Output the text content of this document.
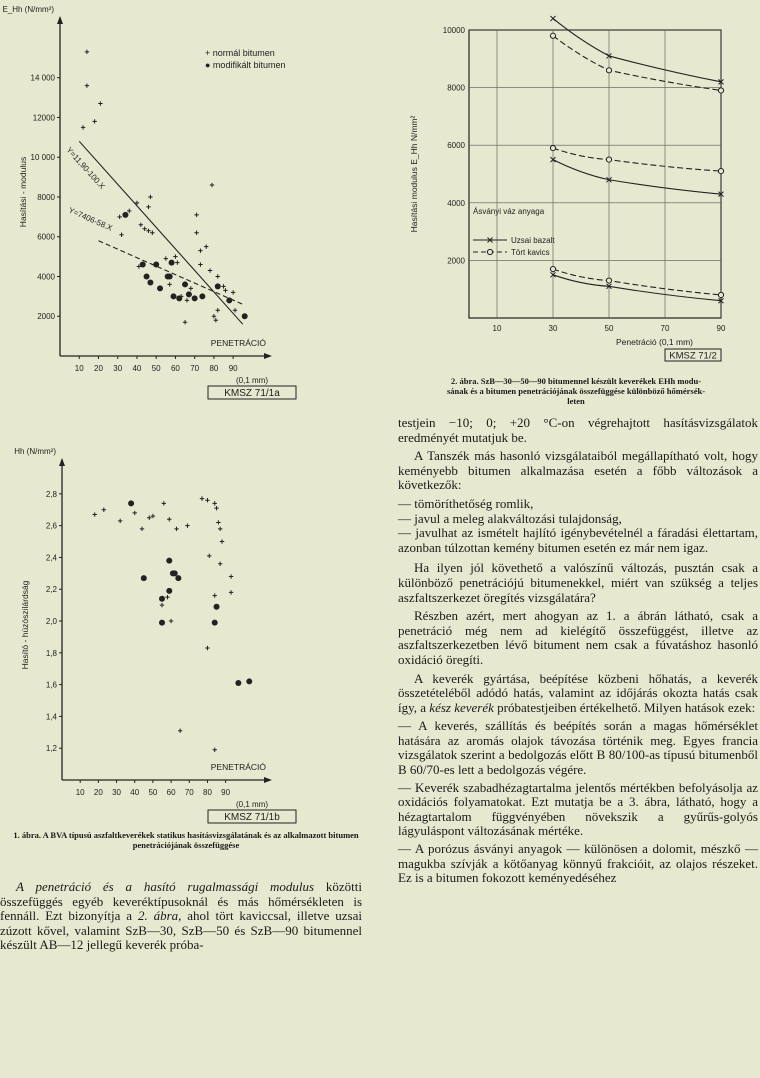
2000
4000
6000
8000
10 000
12000
14 000
10 20 30 40 50 60 70 80 90
E_Hh (N/mm²)
Hasítási - modulus
PENETRÁCIÓ
(0,1 mm)
KMSZ 71/1a
Y=11,90-100.X
Y=7406-58.X
+ normál bitumen
● modifikált bitumen
1,2
1,4
1,6
1,8
2,0
2,2
2,4
2,6
2,8
10 20 30 40 50 60 70 80 90
Hh (N/mm²)
Hasító - húzószilárdság
PENETRÁCIÓ
(0,1 mm)
KMSZ 71/1b
1. ábra. A BVA típusú aszfaltkeverékek statikus hasításvizsgálatának és az alkalmazott bitumen penetrációjának összefüggése
10	30	50	70	90
2000
4000
6000
8000
10000
Hasítási modulus E_Hh N/mm²
Penetráció (0,1 mm)
KMSZ 71/2
Ásványi váz anyaga
Uzsai bazalt
Tört kavics
2. ábra. SzB—30—50—90 bitumennel készült keverékek EHh modu-
sának és a bitumen penetrációjának összefüggése különböző hőmérsék-
leten

A penetráció és a hasító rugalmassági modulus közötti összefüggés egyéb keveréktípusoknál és más hőmérsékleten is fennáll. Ezt bizonyítja a 2. ábra, ahol tört kaviccsal, illetve uzsai zúzott kővel, valamint SzB—30, SzB—50 és SzB—90 bitumennel készült AB—12 jellegű keverék próba-

testjein −10; 0; +20 °C-on végrehajtott hasításvizsgálatok eredményét mutatjuk be.

A Tanszék más hasonló vizsgálataiból megállapítható volt, hogy keményebb bitumen alkalmazása esetén a főbb változások a következők:

— tömöríthetőség romlik,
— javul a meleg alakváltozási tulajdonság,
— javulhat az ismételt hajlító igénybevételnél a fáradási élettartam, azonban túlzottan kemény bitumen esetén ez már nem igaz.

Ha ilyen jól követhető a valószínű változás, pusztán csak a különböző penetrációjú bitumenekkel, miért van szükség a teljes aszfaltszerkezet öregítés vizsgálatára?

Részben azért, mert ahogyan az 1. a ábrán látható, csak a penetráció még nem ad kielégítő összefüggést, illetve az aszfaltszerkezetben lévő bitument nem csak a fúvatáshoz hasonló oxidáció öregíti.

A keverék gyártása, beépítése közbeni hőhatás, a keverék összetételéből adódó hatás, valamint az időjárás okozta hatás csak így, a kész keverék próbatestjeiben értékelhető. Milyen hatások ezek:

— A keverés, szállítás és beépítés során a magas hőmérséklet hatására az aromás olajok távozása történik meg. Egyes francia vizsgálatok szerint a bedolgozás előtt B 80/100-as típusú bitumenből B 60/70-es lett a bedolgozás végére.
— Keverék szabadhézagtartalma jelentős mértékben befolyásolja az oxidációs folyamatokat. Ezt mutatja be a 3. ábra, látható, hogy a hézagtartalom függvényében növekszik a gyűrűs-golyós lágyuláspont változásának mértéke.
— A porózus ásványi anyagok — különösen a dolomit, mészkő — magukba szívják a kötőanyag könnyű frakcióit, az olajos részeket. Ez is a bitumen fokozott keményedéséhez
